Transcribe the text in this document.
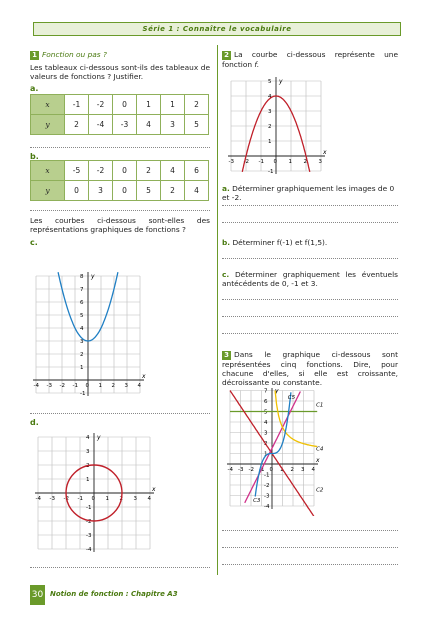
Série 1 : Connaître le vocabulaire
1 Fonction ou pas ?
Les tableaux ci-dessous sont-ils des tableaux de valeurs de fonctions ? Justifier.
a.
x	-1	-2	0	1	1	2
y	2	-4	-3	4	3	5
b.
x	-5	-2	0	2	4	6
y	0	3	0	5	2	4
Les courbes ci-dessous sont-elles des représentations graphiques de fonctions ?
c.
x
y
-4 -3 -2 -1 0 1 2 3 4
8
7
6
5
4
3
2
1
-1
d.
x
y
-4 -3 -2 -1 0 1 2 3 4
4
3
2
1
-1
-2
-3
-4
2 La courbe ci-dessous représente une fonction f.
x
y
-3 -2 -1 0 1 2 3
5
4
3
2
1
-1
a. Déterminer graphiquement les images de 0 et -2.
b. Déterminer f(-1) et f(1,5).
c. Déterminer graphiquement les éventuels antécédents de 0, -1 et 3.
3 Dans le graphique ci-dessous sont représentées cinq fonctions. Dire, pour chacune d'elles, si elle est croissante, décroissante ou constante.
x
y
-4 -3 -2 -1 0 1 2 3 4
7
6
5
4
3
2
1
-1
-2
-3
-4
C1
C2
C3
C4
C5
30 Notion de fonction : Chapitre A3
